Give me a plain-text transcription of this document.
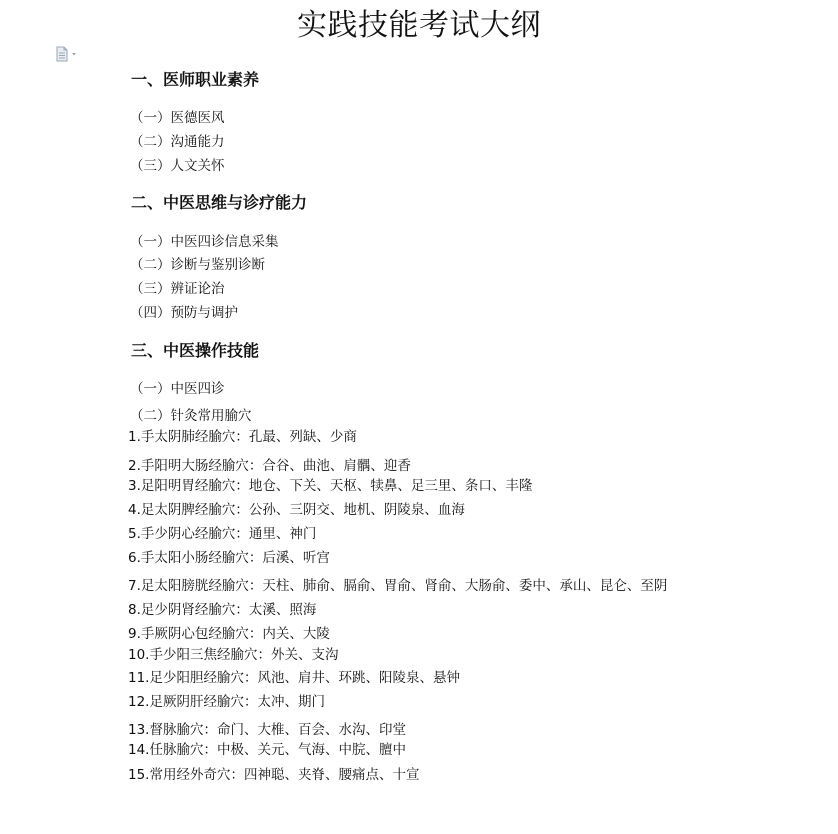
实践技能考试大纲
一、医师职业素养
（一）医德医风
（二）沟通能力
（三）人文关怀
二、中医思维与诊疗能力
（一）中医四诊信息采集
（二）诊断与鉴别诊断
（三）辨证论治
（四）预防与调护
三、中医操作技能
（一）中医四诊
（二）针灸常用腧穴
1.手太阴肺经腧穴：孔最、列缺、少商
2.手阳明大肠经腧穴：合谷、曲池、肩髃、迎香
3.足阳明胃经腧穴：地仓、下关、天枢、犊鼻、足三里、条口、丰隆
4.足太阴脾经腧穴：公孙、三阴交、地机、阴陵泉、血海
5.手少阴心经腧穴：通里、神门
6.手太阳小肠经腧穴：后溪、听宫
7.足太阳膀胱经腧穴：天柱、肺俞、膈俞、胃俞、肾俞、大肠俞、委中、承山、昆仑、至阴
8.足少阴肾经腧穴：太溪、照海
9.手厥阴心包经腧穴：内关、大陵
10.手少阳三焦经腧穴：外关、支沟
11.足少阳胆经腧穴：风池、肩井、环跳、阳陵泉、悬钟
12.足厥阴肝经腧穴：太冲、期门
13.督脉腧穴：命门、大椎、百会、水沟、印堂
14.任脉腧穴：中极、关元、气海、中脘、膻中
15.常用经外奇穴：四神聪、夹脊、腰痛点、十宣
